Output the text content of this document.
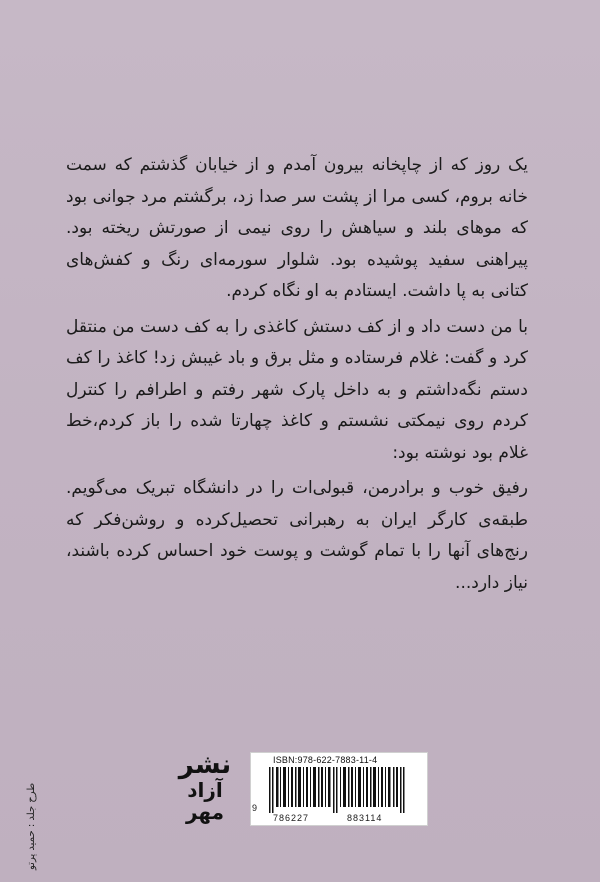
یک روز که از چاپخانه بیرون آمدم و از خیابان گذشتم که سمت خانه بروم، کسی مرا از پشت سر صدا زد، برگشتم مرد جوانی بود که موهای بلند و سیاهش را روی نیمی از صورتش ریخته بود. پیراهنی سفید پوشیده بود. شلوار سورمه‌ای رنگ و کفش‌های کتانی به پا داشت. ایستادم به او نگاه کردم.

با من دست داد و از کف دستش کاغذی را به کف دست من منتقل کرد و گفت: غلام فرستاده و مثل برق و باد غیبش زد! کاغذ را کف دستم نگه‌داشتم و به داخل پارک شهر رفتم و اطرافم را کنترل کردم روی نیمکتی نشستم و کاغذ چهارتا شده را باز کردم،خط غلام بود نوشته بود:

رفیق خوب و برادرمن، قبولی‌ات را در دانشگاه تبریک می‌گویم. طبقه‌ی کارگر ایران به رهبرانی تحصیل‌کرده و روشن‌فکر که رنج‌های آنها را با تمام گوشت و پوست خود احساس کرده باشند، نیاز دارد...

طرح جلد : حمید پرتو
نشر
آزاد
مهر
ISBN:978-622-7883-11-4
9
786227	883114
